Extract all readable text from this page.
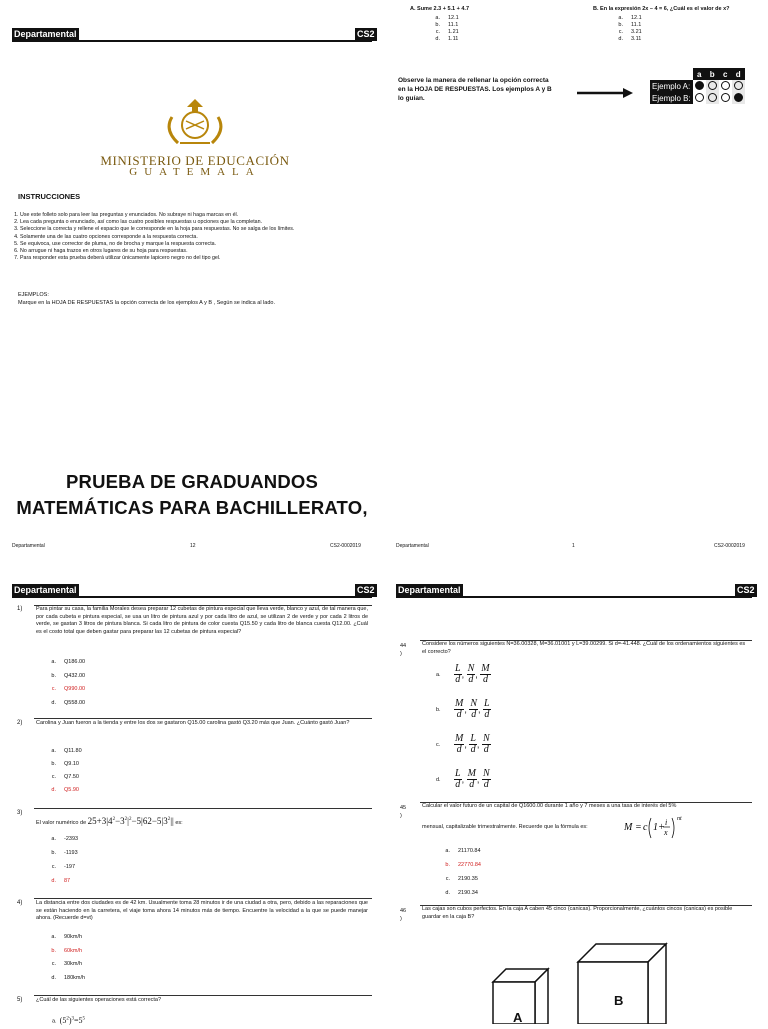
Departamental	CS2
MINISTERIO DE EDUCACIÓN
GUATEMALA
INSTRUCCIONES
1. Use este folleto solo para leer las preguntas y enunciados. No subraye ni haga marcas en él.
2. Lea cada pregunta o enunciado, así como las cuatro posibles respuestas u opciones que la completan.
3. Seleccione la correcta y rellene el espacio que le corresponde en la hoja para respuestas. No se salga de los límites.
4. Solamente una de las cuatro opciones corresponde a la respuesta correcta.
5. Se equivoca, use corrector de pluma, no de brocha y marque la respuesta correcta.
6. No arrugue ni haga trazos en otros lugares de su hoja para respuestas.
7. Para responder esta prueba deberá utilizar únicamente lapicero negro no del tipo gel.
EJEMPLOS:
Marque en la HOJA DE RESPUESTAS la opción correcta de los ejemplos A y B , Según se indica al lado.
PRUEBA DE GRADUANDOS
MATEMÁTICAS PARA BACHILLERATO,
Departamental	12	CS2-0002019
A. Sume 2.3 + 5.1 + 4.7
a. 12.1
b. 11.1
c. 1.21
d. 1.11
B. En la expresión 2x – 4 = 6, ¿Cuál es el valor de x?
a. 12.1
b. 11.1
c. 3.21
d. 3.11
Observe la manera de rellenar la opción correcta en la HOJA DE RESPUESTAS. Los ejemplos A y B lo guían.
	a	b	c	d
Ejemplo A:				
Ejemplo B:				
Departamental	1	CS2-0002019
Departamental	CS2
1) Para pintar su casa, la familia Morales desea preparar 12 cubetas de pintura especial que lleva verde, blanco y azul, de tal manera que, por cada cubeta e pintura especial, se usa un litro de pintura azul y por cada litro de azul, se utilizan 2 de verde y por cada 2 litros de verde, se gastan 3 litros de pintura blanca. Si cada litro de pintura de color cuesta Q15.50 y cada litro de blanca cuesta Q12.00. ¿Cuál es el costo total que deben gastar para preparar las 12 cubetas de pintura especial?
a. Q186.00
b. Q432.00
c. Q990.00
d. Q558.00
2) Carolina y Juan fueron a la tienda y entre los dos se gastaron Q15.00 carolina gastó Q3.20 más que Juan. ¿Cuánto gastó Juan?
a. Q11.80
b. Q9.10
c. Q7.50
d. Q5.90
3)
El valor numérico de $25+3|4^2-3^2|^2-5|62-5|3^2||$ es:
a. -2393
b. -1193
c. -197
d. 87
4) La distancia entre dos ciudades es de 42 km. Usualmente toma 28 minutos ir de una ciudad a otra, pero, debido a las reparaciones que se están haciendo en la carretera, el viaje toma ahora 14 minutos más de tiempo. Encuentre la velocidad a la que se puede manejar ahora. (Recuerde d=vt)
a. 90km/h
b. 60km/h
c. 30km/h
d. 180km/h
5) ¿Cuál de las siguientes operaciones está correcta?
a.  $(5^2)^3=5^5$
Departamental	CS2
44
)
Considere los números siguientes N=36.00328, M=36.01001 y L=39.00299. Si d=-41.448. ¿Cuál de los ordenamientos siguientes es el correcto?
a. $\frac{L}{d}$ , $\frac{N}{d}$ , $\frac{M}{d}$
b. $\frac{M}{d}$ , $\frac{N}{d}$ , $\frac{L}{d}$
c. $\frac{M}{d}$ , $\frac{L}{d}$ , $\frac{N}{d}$
d. $\frac{L}{d}$ , $\frac{M}{d}$ , $\frac{N}{d}$
45
)
Calcular el valor futuro de un capital de Q1600.00 durante 1 año y 7 meses a una tasa de interés del 5%
mensual, capitalizable trimestralmente. Recuerde que la fórmula es:	M = c 1+ i
x
nt
a. 21170.84
b. 22770.84
c. 2190.35
d. 2190.34
46
)
Las cajas son cubos perfectos. En la caja A caben 45 cinco (canicas). Proporcionalmente, ¿cuántos cincos (canicas) es posible guardar en la caja B?
A
B
